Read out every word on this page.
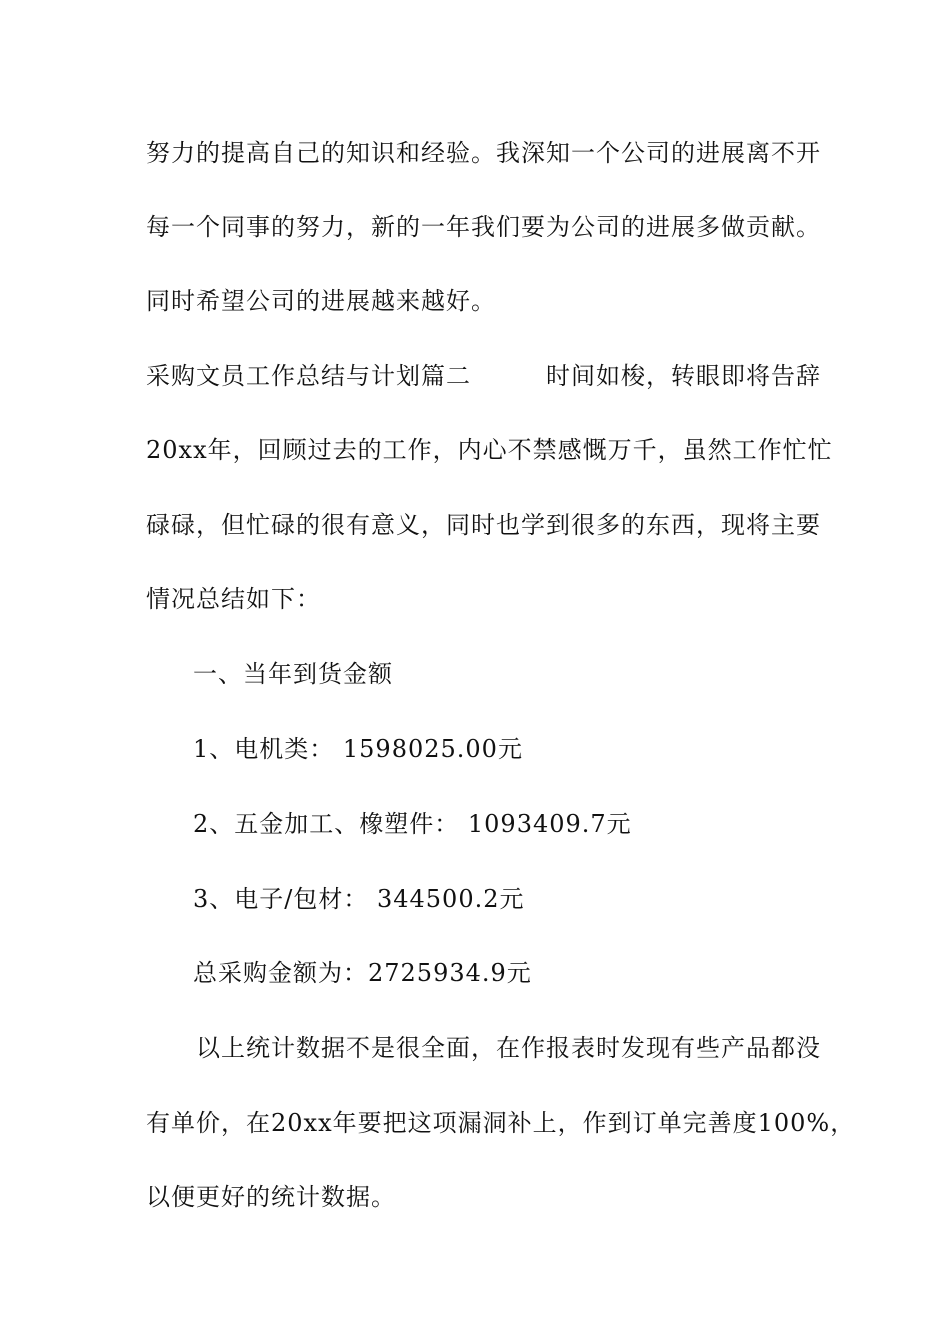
努力的提高自己的知识和经验。我深知一个公司的进展离不开
每一个同事的努力，新的一年我们要为公司的进展多做贡献。
同时希望公司的进展越来越好。
采购文员工作总结与计划篇二　　　时间如梭，转眼即将告辞
20xx年，回顾过去的工作，内心不禁感慨万千，虽然工作忙忙
碌碌，但忙碌的很有意义，同时也学到很多的东西，现将主要
情况总结如下：
一、当年到货金额
1、电机类： 1598025.00元
2、五金加工、橡塑件： 1093409.7元
3、电子/包材： 344500.2元
总采购金额为：2725934.9元
以上统计数据不是很全面，在作报表时发现有些产品都没
有单价，在20xx年要把这项漏洞补上，作到订单完善度100%，
以便更好的统计数据。
